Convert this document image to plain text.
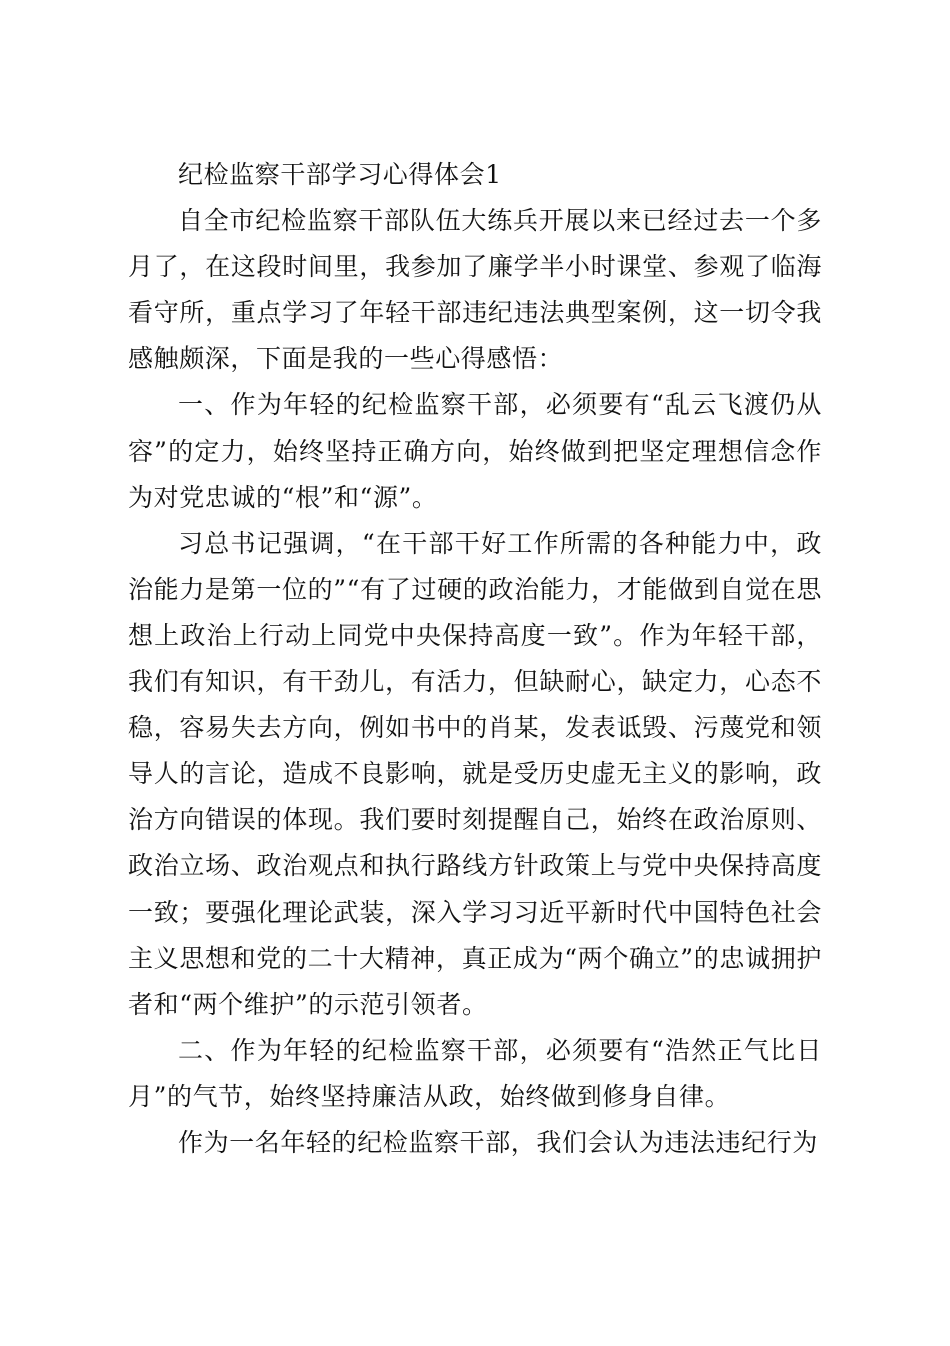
纪检监察干部学习心得体会1

自全市纪检监察干部队伍大练兵开展以来已经过去一个多月了，在这段时间里，我参加了廉学半小时课堂、参观了临海看守所，重点学习了年轻干部违纪违法典型案例，这一切令我感触颇深，下面是我的一些心得感悟：

一、作为年轻的纪检监察干部，必须要有“乱云飞渡仍从容”的定力，始终坚持正确方向，始终做到把坚定理想信念作为对党忠诚的“根”和“源”。

习总书记强调，“在干部干好工作所需的各种能力中，政治能力是第一位的”“有了过硬的政治能力，才能做到自觉在思想上政治上行动上同党中央保持高度一致”。作为年轻干部，我们有知识，有干劲儿，有活力，但缺耐心，缺定力，心态不稳，容易失去方向，例如书中的肖某，发表诋毁、污蔑党和领导人的言论，造成不良影响，就是受历史虚无主义的影响，政治方向错误的体现。我们要时刻提醒自己，始终在政治原则、政治立场、政治观点和执行路线方针政策上与党中央保持高度一致；要强化理论武装，深入学习习近平新时代中国特色社会主义思想和党的二十大精神，真正成为“两个确立”的忠诚拥护者和“两个维护”的示范引领者。

二、作为年轻的纪检监察干部，必须要有“浩然正气比日月”的气节，始终坚持廉洁从政，始终做到修身自律。

作为一名年轻的纪检监察干部，我们会认为违法违纪行为
